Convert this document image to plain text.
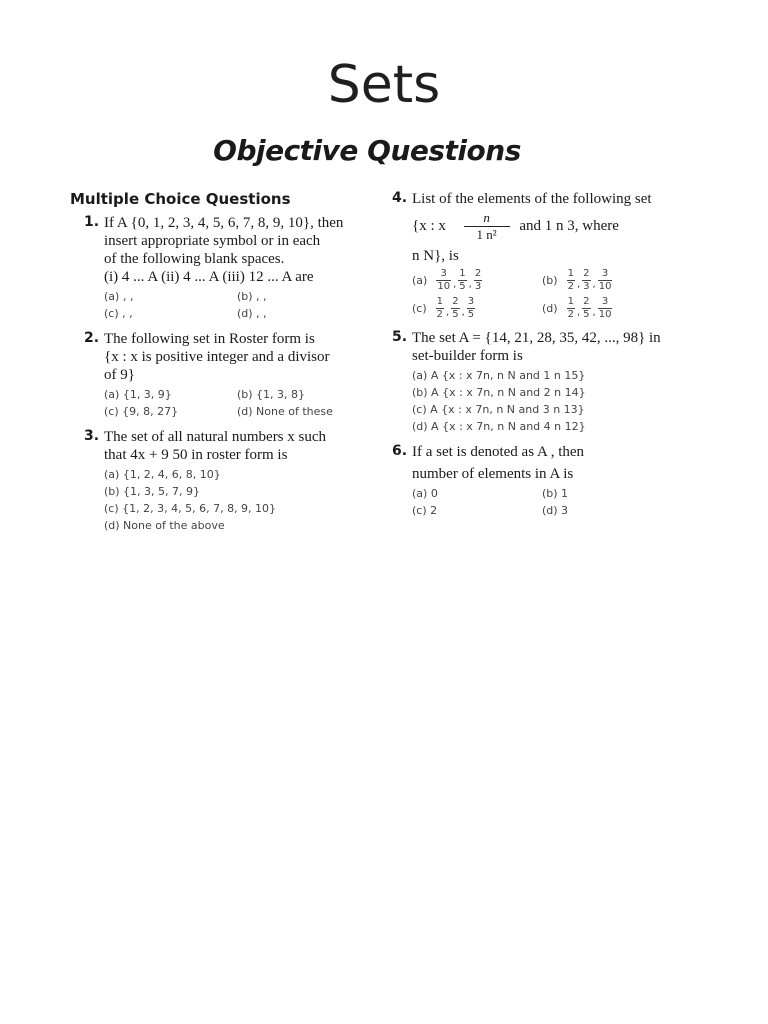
Sets
Objective Questions
Multiple Choice Questions
1. If A {0, 1, 2, 3, 4, 5, 6, 7, 8, 9, 10}, then
insert appropriate symbol or in each
of the following blank spaces.
(i) 4 ... A (ii) 4 ... A (iii) 12 ... A are
(a) , ,	(b) , ,
(c) , ,	(d) , ,
2. The following set in Roster form is
{x : x is positive integer and a divisor
of 9}
(a) {1, 3, 9}	(b) {1, 3, 8}
(c) {9, 8, 27}	(d) None of these
3. The set of all natural numbers x such
that 4x + 9 50 in roster form is
(a) {1, 2, 4, 6, 8, 10}
(b) {1, 3, 5, 7, 9}
(c) {1, 2, 3, 4, 5, 6, 7, 8, 9, 10}
(d) None of the above
4. List of the elements of the following set
{x : x $\frac{n}{\text{1 n²}}$ and 1 n 3, where
n N}, is
$(a) \frac{3}{10}$ , $\frac{1}{5}$ , $\frac{2}{3}$	$(b) \frac{1}{2}$ , $\frac{2}{3}$ , $\frac{3}{10}$
$(c) \frac{1}{2}$ , $\frac{2}{5}$ , $\frac{3}{5}$	$(d) \frac{1}{2}$ , $\frac{2}{5}$ , $\frac{3}{10}$
5. The set A = {14, 21, 28, 35, 42, ..., 98} in
set-builder form is
(a) A {x : x 7n, n N and 1 n 15}
(b) A {x : x 7n, n N and 2 n 14}
(c) A {x : x 7n, n N and 3 n 13}
(d) A {x : x 7n, n N and 4 n 12}
6. If a set is denoted as A , then
number of elements in A is
(a) 0	(b) 1
(c) 2	(d) 3
